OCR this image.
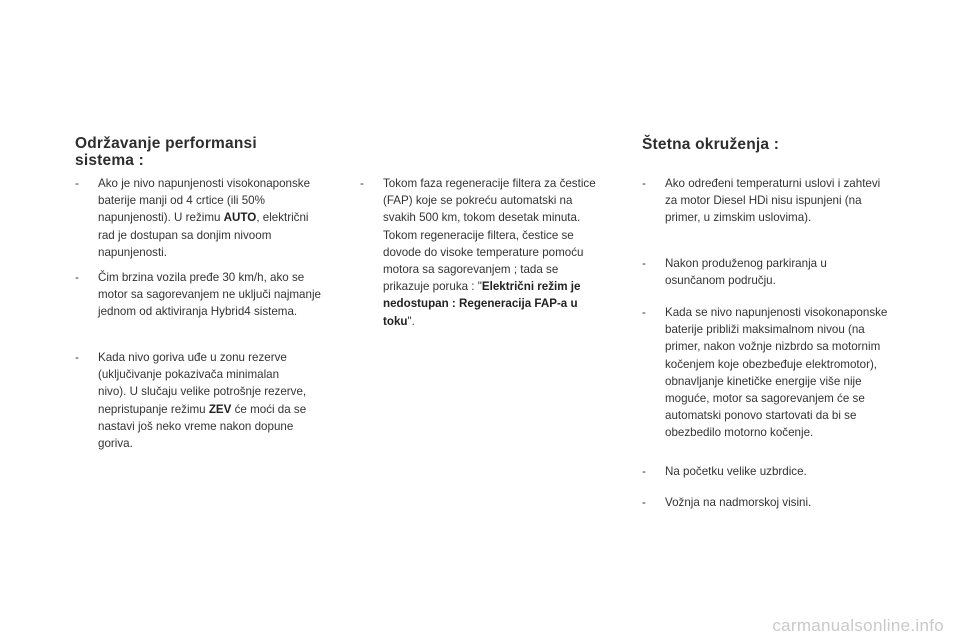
Održavanje performansi
sistema :
- Ako je nivo napunjenosti visokonaponske
baterije manji od 4 crtice (ili 50%
napunjenosti). U režimu AUTO, električni
rad je dostupan sa donjim nivoom
napunjenosti.
- Čim brzina vozila pređe 30 km/h, ako se
motor sa sagorevanjem ne uključi najmanje
jednom od aktiviranja Hybrid4 sistema.
- Kada nivo goriva uđe u zonu rezerve
(uključivanje pokazivača minimalan
nivo). U slučaju velike potrošnje rezerve,
nepristupanje režimu ZEV će moći da se
nastavi još neko vreme nakon dopune
goriva.
- Tokom faza regeneracije filtera za čestice
(FAP) koje se pokreću automatski na
svakih 500 km, tokom desetak minuta.
Tokom regeneracije filtera, čestice se
dovode do visoke temperature pomoću
motora sa sagorevanjem ; tada se
prikazuje poruka : "Električni režim je
nedostupan : Regeneracija FAP-a u
toku".
Štetna okruženja :
- Ako određeni temperaturni uslovi i zahtevi
za motor Diesel HDi nisu ispunjeni (na
primer, u zimskim uslovima).
- Nakon produženog parkiranja u
osunčanom području.
- Kada se nivo napunjenosti visokonaponske
baterije približi maksimalnom nivou (na
primer, nakon vožnje nizbrdo sa motornim
kočenjem koje obezbeđuje elektromotor),
obnavljanje kinetičke energije više nije
moguće, motor sa sagorevanjem će se
automatski ponovo startovati da bi se
obezbedilo motorno kočenje.
- Na početku velike uzbrdice.
- Vožnja na nadmorskoj visini.
carmanualsonline.info
